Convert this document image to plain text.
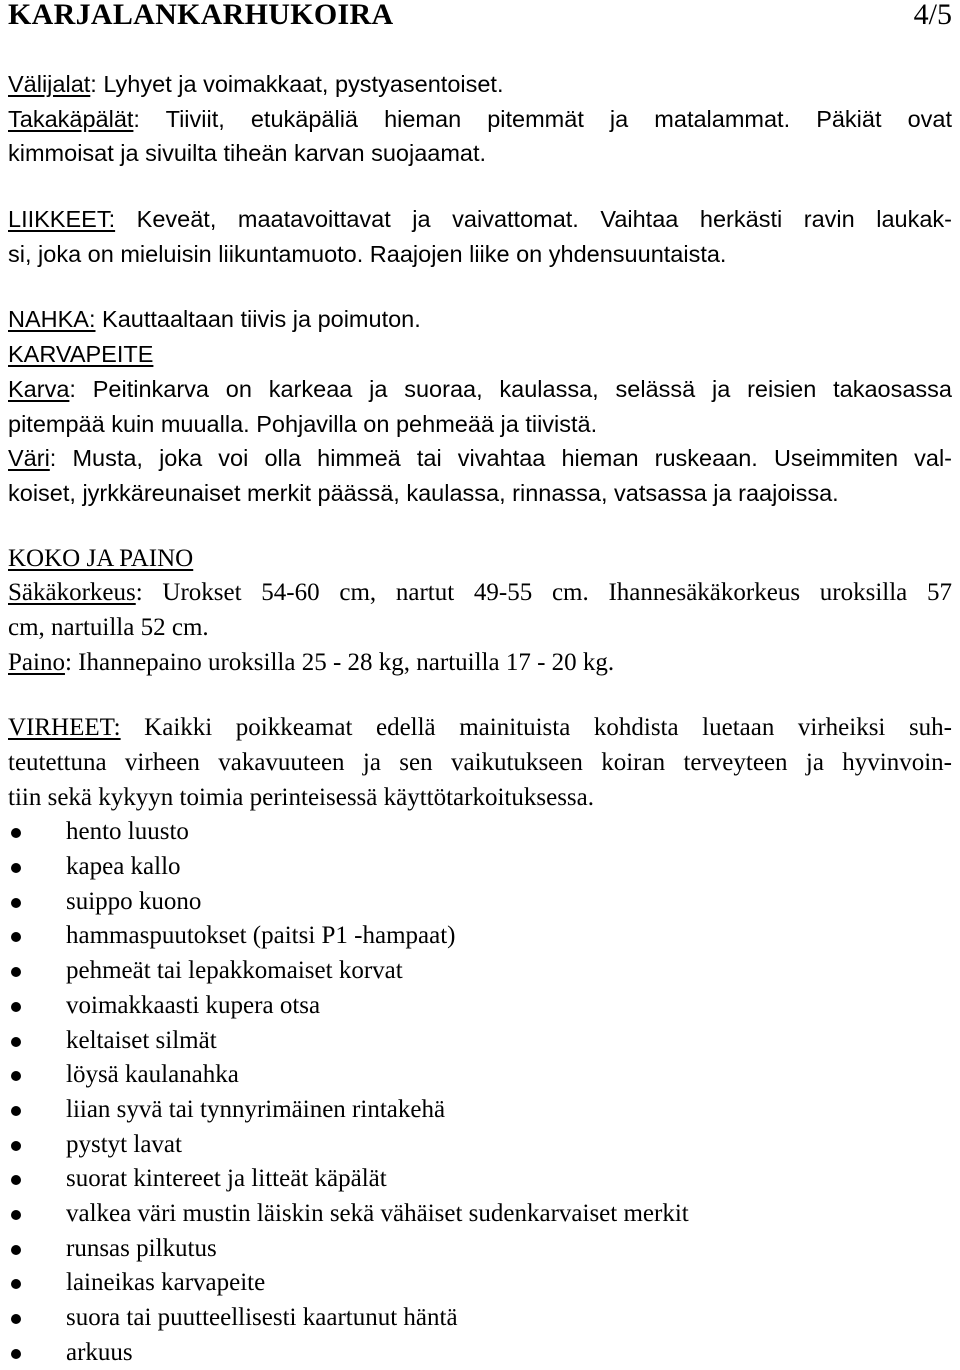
KARJALANKARHUKOIRA	4/5
Välijalat: Lyhyet ja voimakkaat, pystyasentoiset.
Takakäpälät: Tiiviit, etukäpäliä hieman pitemmät ja matalammat. Päkiät ovat
kimmoisat ja sivuilta tiheän karvan suojaamat.
LIIKKEET: Keveät, maatavoittavat ja vaivattomat. Vaihtaa herkästi ravin laukak-
si, joka on mieluisin liikuntamuoto. Raajojen liike on yhdensuuntaista.
NAHKA: Kauttaaltaan tiivis ja poimuton.
KARVAPEITE
Karva: Peitinkarva on karkeaa ja suoraa, kaulassa, selässä ja reisien takaosassa
pitempää kuin muualla. Pohjavilla on pehmeää ja tiivistä.
Väri: Musta, joka voi olla himmeä tai vivahtaa hieman ruskeaan. Useimmiten val-
koiset, jyrkkäreunaiset merkit päässä, kaulassa, rinnassa, vatsassa ja raajoissa.
KOKO JA PAINO
Säkäkorkeus: Urokset 54-60 cm, nartut 49-55 cm. Ihannesäkäkorkeus uroksilla 57
cm, nartuilla 52 cm.
Paino: Ihannepaino uroksilla 25 - 28 kg, nartuilla 17 - 20 kg.
VIRHEET: Kaikki poikkeamat edellä mainituista kohdista luetaan virheiksi suh-
teutettuna virheen vakavuuteen ja sen vaikutukseen koiran terveyteen ja hyvinvoin-
tiin sekä kykyyn toimia perinteisessä käyttötarkoituksessa.
hento luusto
kapea kallo
suippo kuono
hammaspuutokset (paitsi P1 -hampaat)
pehmeät tai lepakkomaiset korvat
voimakkaasti kupera otsa
keltaiset silmät
löysä kaulanahka
liian syvä tai tynnyrimäinen rintakehä
pystyt lavat
suorat kintereet ja litteät käpälät
valkea väri mustin läiskin sekä vähäiset sudenkarvaiset merkit
runsas pilkutus
laineikas karvapeite
suora tai puutteellisesti kaartunut häntä
arkuus
